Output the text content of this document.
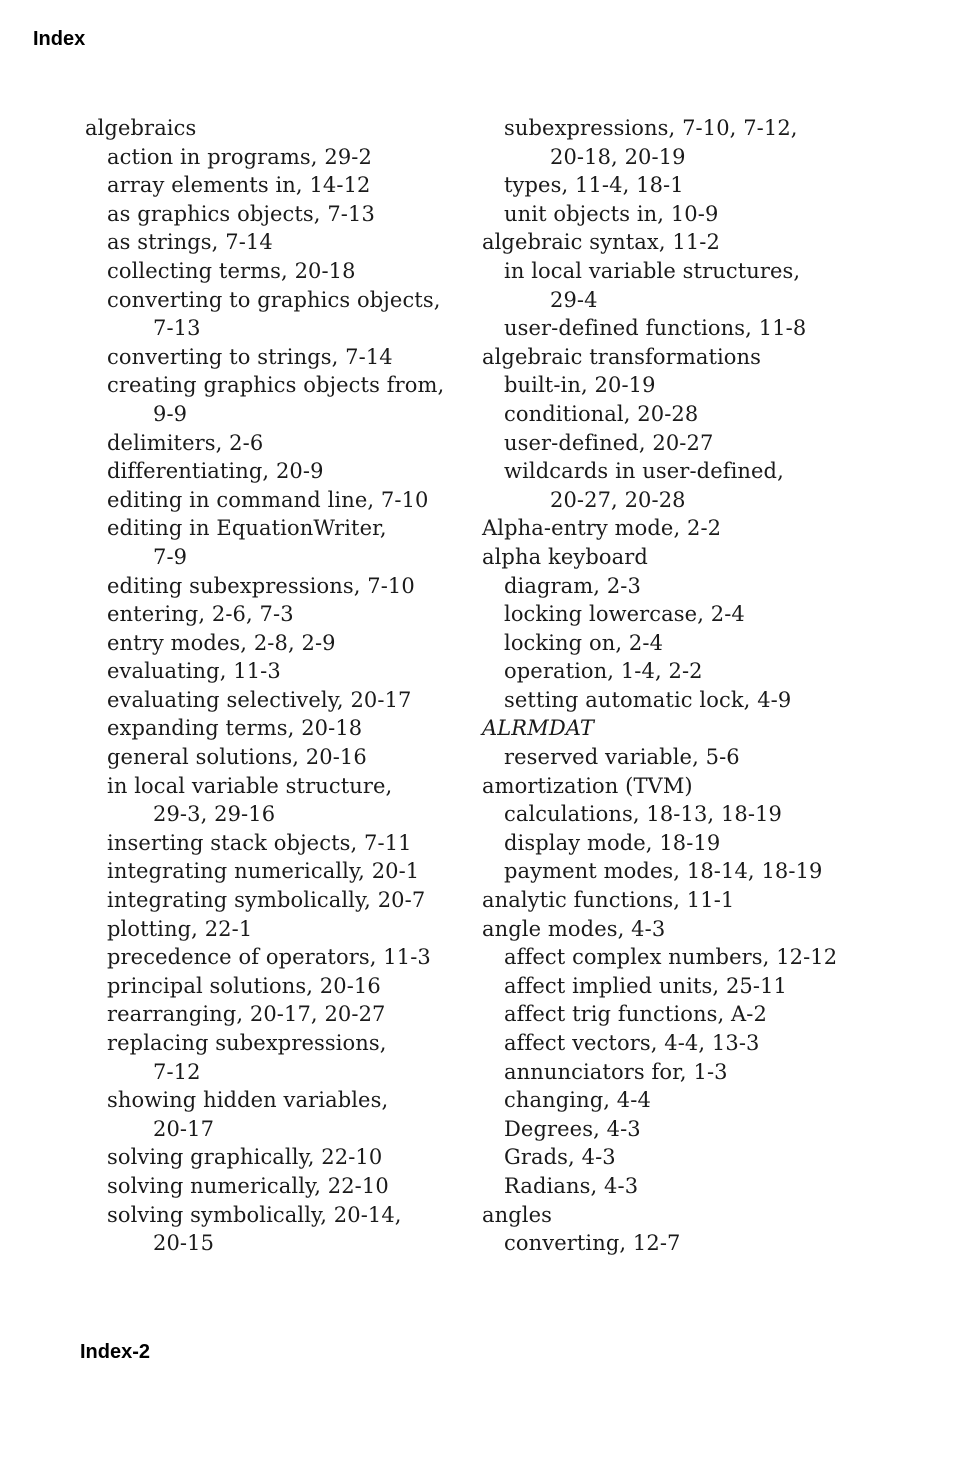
Index
algebraics
action in programs, 29-2
array elements in, 14-12
as graphics objects, 7-13
as strings, 7-14
collecting terms, 20-18
converting to graphics objects,
7-13
converting to strings, 7-14
creating graphics objects from,
9-9
delimiters, 2-6
differentiating, 20-9
editing in command line, 7-10
editing in EquationWriter,
7-9
editing subexpressions, 7-10
entering, 2-6, 7-3
entry modes, 2-8, 2-9
evaluating, 11-3
evaluating selectively, 20-17
expanding terms, 20-18
general solutions, 20-16
in local variable structure,
29-3, 29-16
inserting stack objects, 7-11
integrating numerically, 20-1
integrating symbolically, 20-7
plotting, 22-1
precedence of operators, 11-3
principal solutions, 20-16
rearranging, 20-17, 20-27
replacing subexpressions,
7-12
showing hidden variables,
20-17
solving graphically, 22-10
solving numerically, 22-10
solving symbolically, 20-14,
20-15
subexpressions, 7-10, 7-12,
20-18, 20-19
types, 11-4, 18-1
unit objects in, 10-9
algebraic syntax, 11-2
in local variable structures,
29-4
user-defined functions, 11-8
algebraic transformations
built-in, 20-19
conditional, 20-28
user-defined, 20-27
wildcards in user-defined,
20-27, 20-28
Alpha-entry mode, 2-2
alpha keyboard
diagram, 2-3
locking lowercase, 2-4
locking on, 2-4
operation, 1-4, 2-2
setting automatic lock, 4-9
ALRMDAT
reserved variable, 5-6
amortization (TVM)
calculations, 18-13, 18-19
display mode, 18-19
payment modes, 18-14, 18-19
analytic functions, 11-1
angle modes, 4-3
affect complex numbers, 12-12
affect implied units, 25-11
affect trig functions, A-2
affect vectors, 4-4, 13-3
annunciators for, 1-3
changing, 4-4
Degrees, 4-3
Grads, 4-3
Radians, 4-3
angles
converting, 12-7
Index-2
